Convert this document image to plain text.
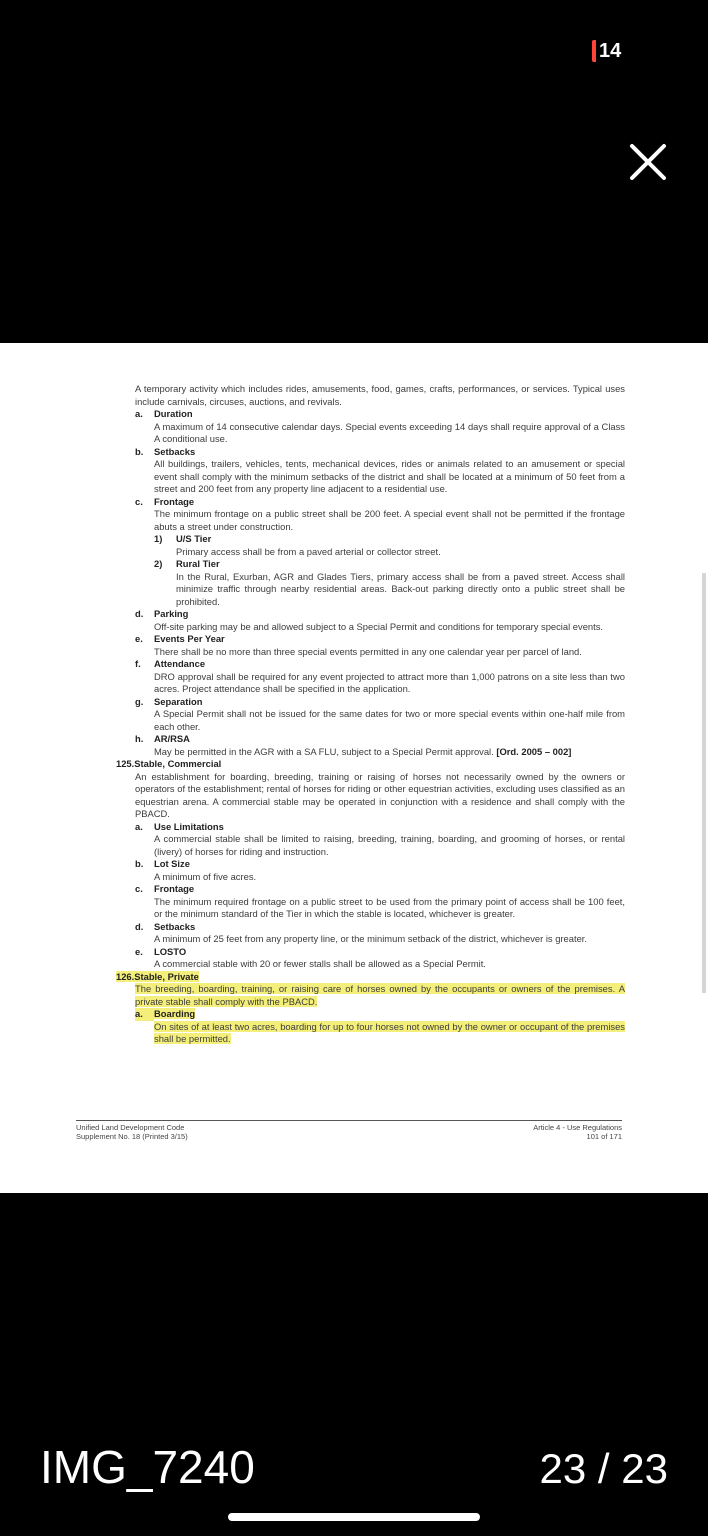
14

A temporary activity which includes rides, amusements, food, games, crafts, performances, or services. Typical uses include carnivals, circuses, auctions, and revivals.

a.	Duration

A maximum of 14 consecutive calendar days. Special events exceeding 14 days shall require approval of a Class A conditional use.

b.	Setbacks

All buildings, trailers, vehicles, tents, mechanical devices, rides or animals related to an amusement or special event shall comply with the minimum setbacks of the district and shall be located at a minimum of 50 feet from a street and 200 feet from any property line adjacent to a residential use.

c.	Frontage

The minimum frontage on a public street shall be 200 feet. A special event shall not be permitted if the frontage abuts a street under construction.

1)	U/S Tier

Primary access shall be from a paved arterial or collector street.

2)	Rural Tier

In the Rural, Exurban, AGR and Glades Tiers, primary access shall be from a paved street. Access shall minimize traffic through nearby residential areas. Back-out parking directly onto a public street shall be prohibited.

d.	Parking

Off-site parking may be and allowed subject to a Special Permit and conditions for temporary special events.

e.	Events Per Year

There shall be no more than three special events permitted in any one calendar year per parcel of land.

f.	Attendance

DRO approval shall be required for any event projected to attract more than 1,000 patrons on a site less than two acres. Project attendance shall be specified in the application.

g.	Separation

A Special Permit shall not be issued for the same dates for two or more special events within one-half mile from each other.

h.	AR/RSA

May be permitted in the AGR with a SA FLU, subject to a Special Permit approval. [Ord. 2005 – 002]

125.Stable, Commercial

An establishment for boarding, breeding, training or raising of horses not necessarily owned by the owners or operators of the establishment; rental of horses for riding or other equestrian activities, excluding uses classified as an equestrian arena. A commercial stable may be operated in conjunction with a residence and shall comply with the PBACD.

a.	Use Limitations

A commercial stable shall be limited to raising, breeding, training, boarding, and grooming of horses, or rental (livery) of horses for riding and instruction.

b.	Lot Size

A minimum of five acres.

c.	Frontage

The minimum required frontage on a public street to be used from the primary point of access shall be 100 feet, or the minimum standard of the Tier in which the stable is located, whichever is greater.

d.	Setbacks

A minimum of 25 feet from any property line, or the minimum setback of the district, whichever is greater.

e.	LOSTO

A commercial stable with 20 or fewer stalls shall be allowed as a Special Permit.

126.Stable, Private

The breeding, boarding, training, or raising care of horses owned by the occupants or owners of the premises. A private stable shall comply with the PBACD.

a.	Boarding

On sites of at least two acres, boarding for up to four horses not owned by the owner or occupant of the premises shall be permitted.

Unified Land Development Code
Supplement No. 18 (Printed 3/15)
Article 4 - Use Regulations
101 of 171
IMG_7240	23 / 23
